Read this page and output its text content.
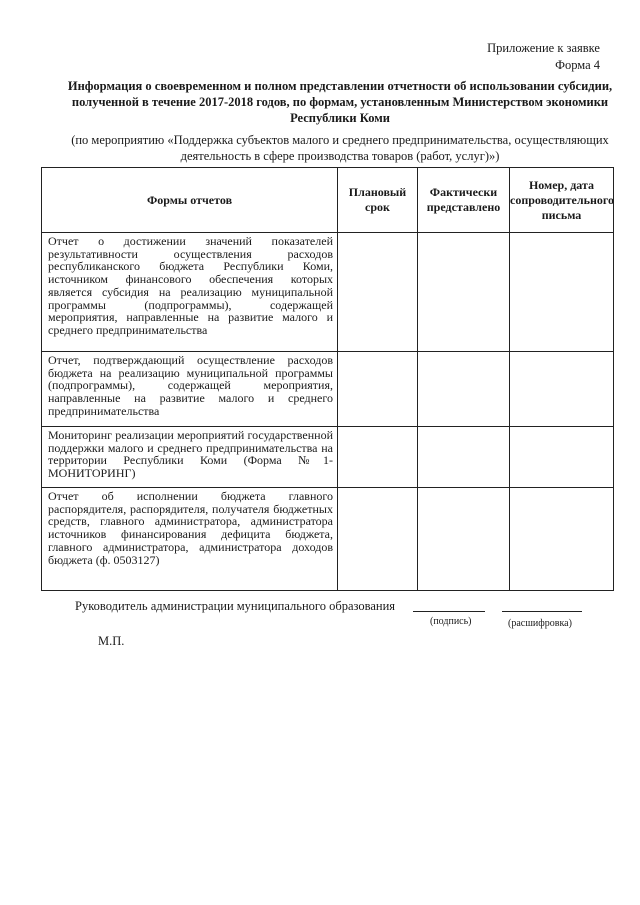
Приложение к заявке
Форма 4
Информация о своевременном и полном представлении отчетности об использовании субсидии, полученной в течение 2017-2018 годов, по формам, установленным Министерством экономики Республики Коми
(по мероприятию «Поддержка субъектов малого и среднего предпринимательства, осуществляющих деятельность в сфере производства товаров (работ, услуг)»)
Формы отчетов	Плановый срок	Фактически представлено	Номер, дата сопроводительного письма
Отчет о достижении значений показателей результативности осуществления расходов республиканского бюджета Республики Коми, источником финансового обеспечения которых является субсидия на реализацию муниципальной программы (подпрограммы), содержащей мероприятия, направленные на развитие малого и среднего предпринимательства			
Отчет, подтверждающий осуществление расходов бюджета на реализацию муниципальной программы (подпрограммы), содержащей мероприятия, направленные на развитие малого и среднего предпринимательства			
Мониторинг реализации мероприятий государственной поддержки малого и среднего предпринимательства на территории Республики Коми (Форма №1-МОНИТОРИНГ)			
Отчет об исполнении бюджета главного распорядителя, распорядителя, получателя бюджетных средств, главного администратора, администратора источников финансирования дефицита бюджета, главного администратора, администратора доходов бюджета (ф. 0503127)			
Руководитель администрации муниципального образования
(подпись)	(расшифровка)
М.П.
